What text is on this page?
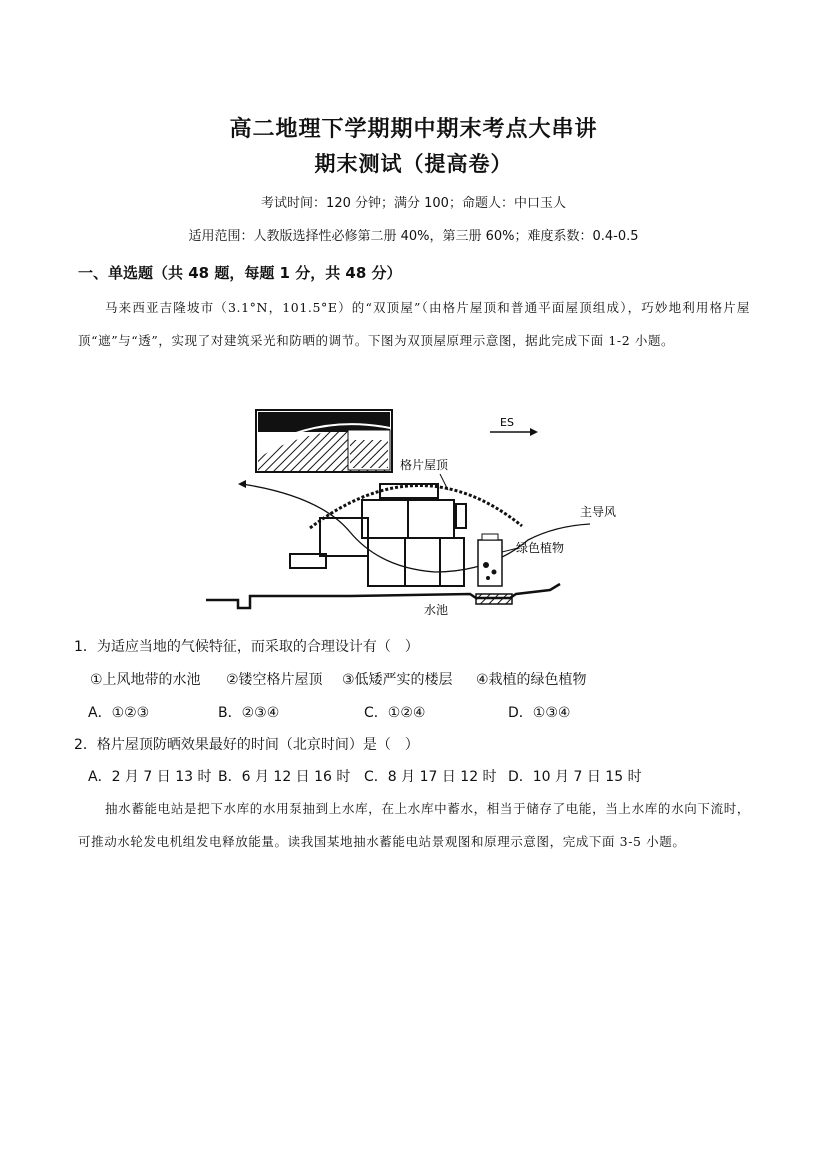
高二地理下学期期中期末考点大串讲
期末测试（提高卷）
考试时间：120 分钟；满分 100；命题人：中口玉人
适用范围：人教版选择性必修第二册 40%，第三册 60%；难度系数：0.4-0.5
一、单选题（共 48 题，每题 1 分，共 48 分）
马来西亚吉隆坡市（3.1°N，101.5°E）的“双顶屋”（由格片屋顶和普通平面屋顶组成），巧妙地利用格片屋顶“遮”与“透”，实现了对建筑采光和防晒的调节。下图为双顶屋原理示意图，据此完成下面 1-2 小题。
ES
格片屋顶
绿色植物
主导风
水池
1．为适应当地的气候特征，而采取的合理设计有（　）
①上风地带的水池 ②镂空格片屋顶 ③低矮严实的楼层 ④栽植的绿色植物
A．①②③	B．②③④	C．①②④	D．①③④
2．格片屋顶防晒效果最好的时间（北京时间）是（　）
A．2 月 7 日 13 时 B．6 月 12 日 16 时 C．8 月 17 日 12 时 D．10 月 7 日 15 时
抽水蓄能电站是把下水库的水用泵抽到上水库，在上水库中蓄水，相当于储存了电能，当上水库的水向下流时，可推动水轮发电机组发电释放能量。读我国某地抽水蓄能电站景观图和原理示意图，完成下面 3-5 小题。
